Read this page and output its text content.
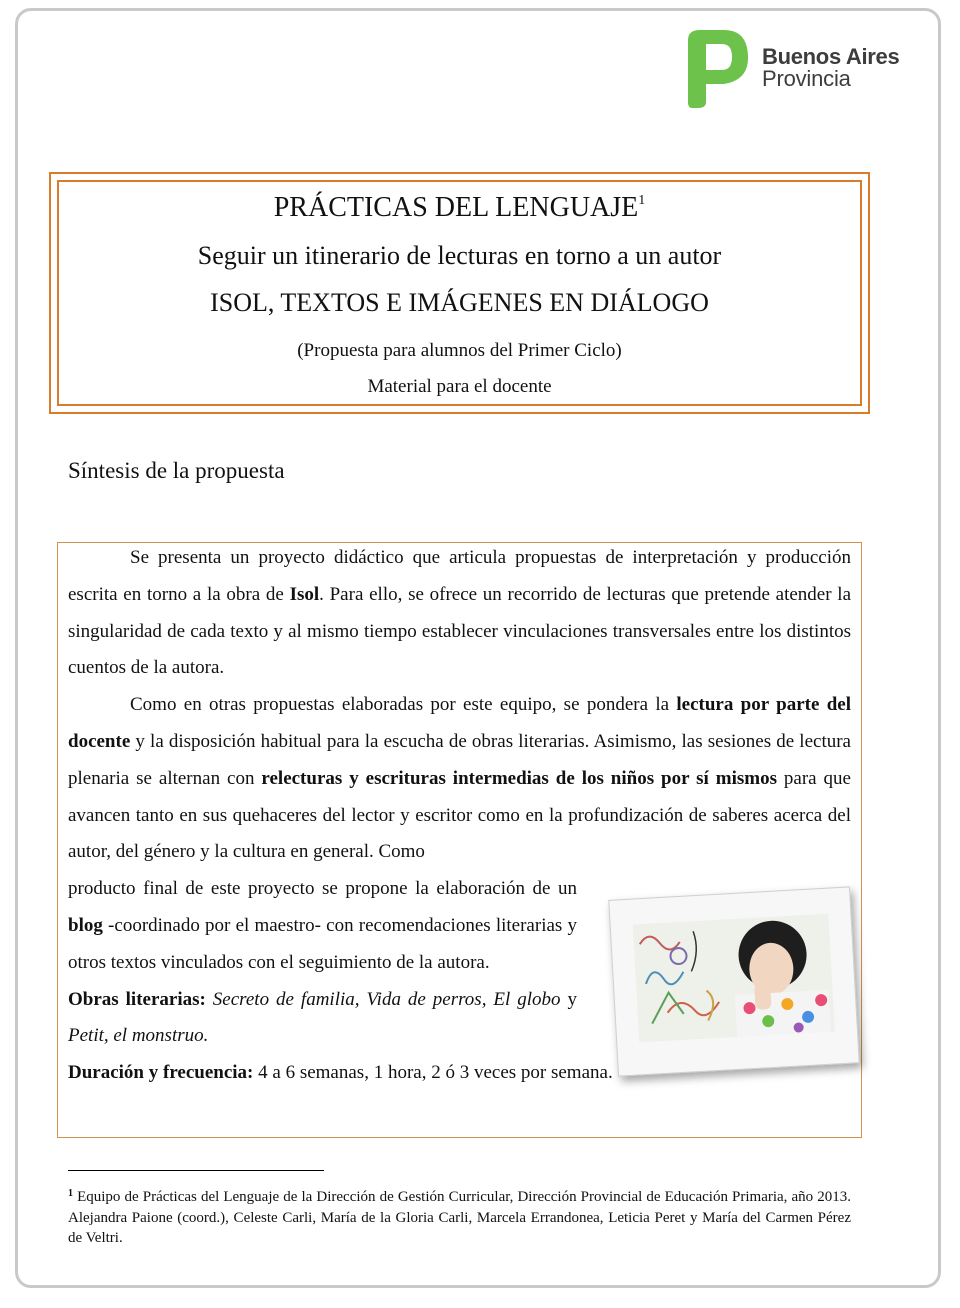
Buenos Aires
Provincia
PRÁCTICAS DEL LENGUAJE$^1$
Seguir un itinerario de lecturas en torno a un autor
ISOL, TEXTOS E IMÁGENES EN DIÁLOGO
(Propuesta para alumnos del Primer Ciclo)
Material para el docente
Síntesis de la propuesta

Se presenta un proyecto didáctico que articula propuestas de interpretación y producción escrita en torno a la obra de Isol. Para ello, se ofrece un recorrido de lecturas que pretende atender la singularidad de cada texto y al mismo tiempo establecer vinculaciones transversales entre los distintos cuentos de la autora.

Como en otras propuestas elaboradas por este equipo, se pondera la lectura por parte del docente y la disposición habitual para la escucha de obras literarias. Asimismo, las sesiones de lectura plenaria se alternan con relecturas y escrituras intermedias de los niños por sí mismos para que avancen tanto en sus quehaceres del lector y escritor como en la profundización de saberes acerca del autor, del género y la cultura en general. Como

producto final de este proyecto se propone la elaboración de un blog -coordinado por el maestro- con recomendaciones literarias y otros textos vinculados con el seguimiento de la autora.

Obras literarias: Secreto de familia, Vida de perros, El globo y Petit, el monstruo.

Duración y frecuencia: 4 a 6 semanas, 1 hora, 2 ó 3 veces por semana.

$^1$ Equipo de Prácticas del Lenguaje de la Dirección de Gestión Curricular, Dirección Provincial de Educación Primaria, año 2013. Alejandra Paione (coord.), Celeste Carli, María de la Gloria Carli, Marcela Errandonea, Leticia Peret y María del Carmen Pérez de Veltri.
